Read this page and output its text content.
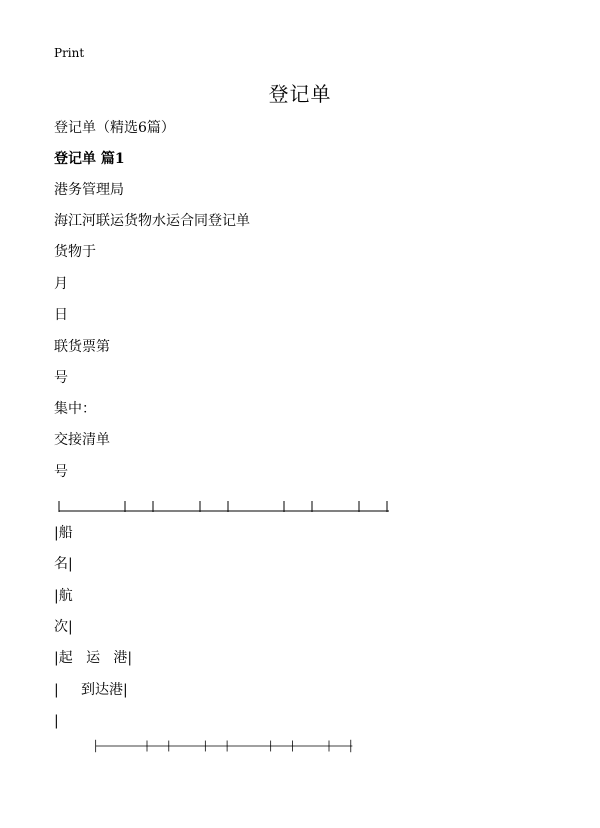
Print
登记单
登记单（精选6篇）
登记单 篇1
港务管理局
海江河联运货物水运合同登记单
货物于
月
日
联货票第
号
集中：
交接清单
号
|船
名|
|航
次|
|起   运   港|
|     到达港|
|
